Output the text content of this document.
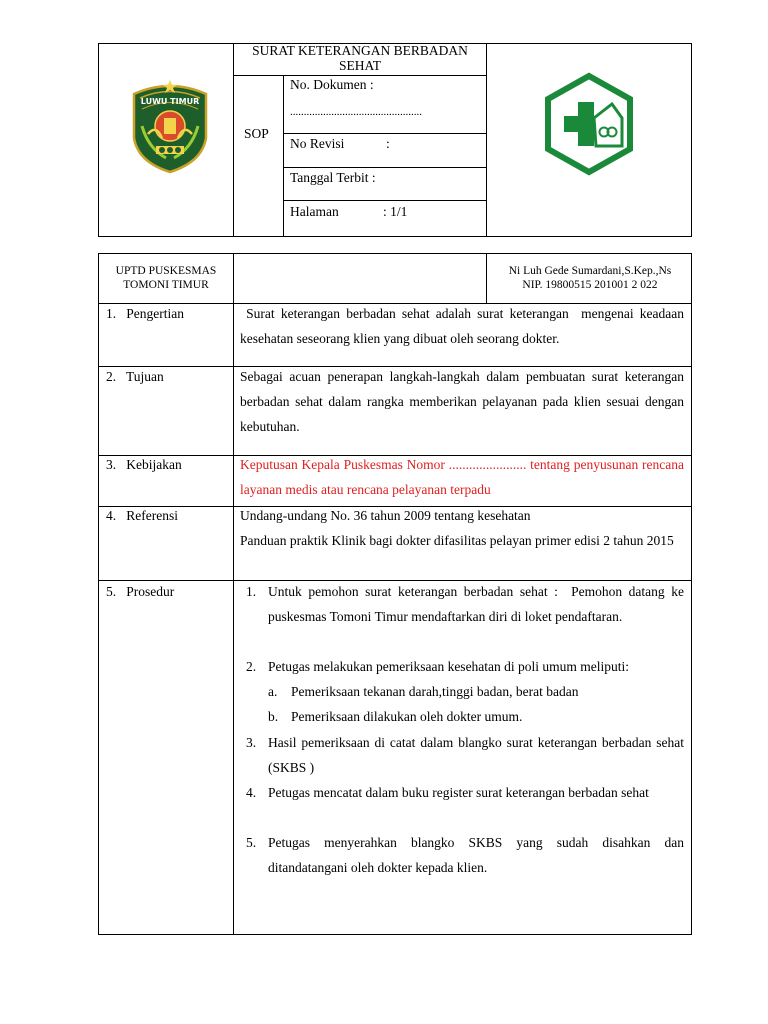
LUWU TIMUR
SURAT KETERANGAN BERBADAN SEHAT
SOP
No. Dokumen :
................................................
No Revisi	:
Tanggal Terbit :
Halaman	: 1/1
UPTD PUSKESMAS TOMONI TIMUR
Ni Luh Gede Sumardani,S.Kep.,Ns
NIP. 19800515 201001 2 022
1.   Pengertian	Surat keterangan berbadan sehat adalah surat keterangan  mengenai keadaan kesehatan seseorang klien yang dibuat oleh seorang dokter.
2.   Tujuan	Sebagai acuan penerapan langkah-langkah dalam pembuatan surat keterangan berbadan sehat dalam rangka memberikan pelayanan pada klien sesuai dengan kebutuhan.
3.   Kebijakan	Keputusan Kepala Puskesmas Nomor ....................... tentang penyusunan rencana layanan medis atau rencana pelayanan terpadu
4.   Referensi	Undang-undang No. 36 tahun 2009 tentang kesehatan
Panduan praktik Klinik bagi dokter difasilitas pelayan primer edisi 2 tahun 2015
5.   Prosedur	1. Untuk pemohon surat keterangan berbadan sehat :  Pemohon datang ke puskesmas Tomoni Timur mendaftarkan diri di loket pendaftaran.
2. Petugas melakukan pemeriksaan kesehatan di poli umum meliputi:
a. Pemeriksaan tekanan darah,tinggi badan, berat badan
b. Pemeriksaan dilakukan oleh dokter umum.
3. Hasil pemeriksaan di catat dalam blangko surat keterangan berbadan sehat (SKBS )
4. Petugas mencatat dalam buku register surat keterangan berbadan sehat
5. Petugas menyerahkan blangko SKBS yang sudah disahkan dan ditandatangani oleh dokter kepada klien.
